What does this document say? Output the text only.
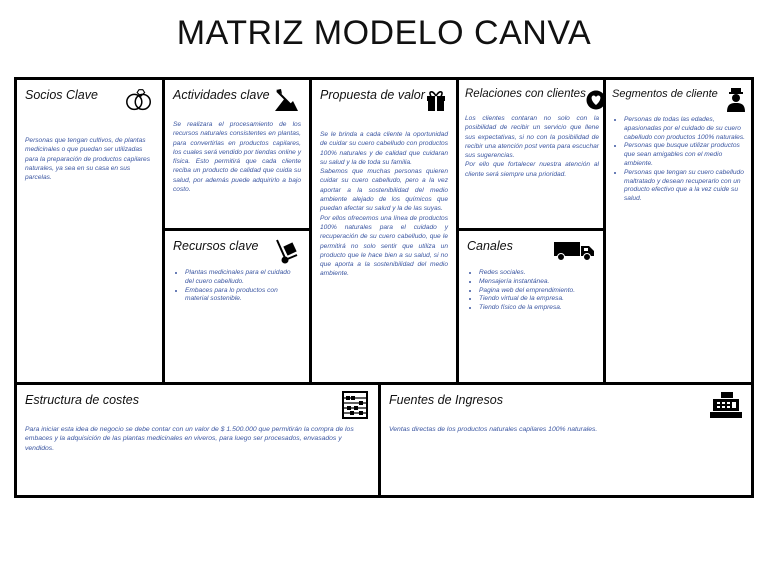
MATRIZ MODELO CANVA
Socios Clave
Personas que tengan cultivos, de plantas medicinales o que puedan ser utilizadas para la preparación de productos capilares naturales, ya sea en su casa en sus parcelas.
Actividades clave
Se realizara el procesamiento de los recursos naturales consistentes en plantas, para convertirlas en productos capilares, los cuales será vendido por tiendas online y física. Esto permitirá que cada cliente reciba un producto de calidad que cuida su salud, por además puede adquirirlo a bajo costo.
Recursos clave
• Plantas medicinales para el cuidado del cuero cabelludo.
• Embaces para lo productos con material sostenible.
Propuesta de valor

Se le brinda a cada cliente la oportunidad de cuidar su cuero cabelludo con productos 100% naturales y de calidad que cuidaran su salud y la de toda su familia.

Sabemos que muchas personas quieren cuidar su cuero cabelludo, pero a la vez aportar a la sostenibilidad del medio ambiente alejado de los químicos que puedan afectar su salud y la de las suyas.

Por ellos ofrecemos una línea de productos 100% naturales para el cuidado y recuperación de su cuero cabelludo, que le permitirá no solo sentir que utiliza un producto que le hace bien a su salud, si no que aporta a la sostenibilidad del medio ambiente.

Relaciones con clientes

Los clientes contaran no solo con la posibilidad de recibir un servicio que llene sus expectativas, si no con la posibilidad de recibir una atención post venta para escuchar sus sugerencias.

Por ello que fortalecer nuestra atención al cliente será siempre una prioridad.

Canales
• Redes sociales.
• Mensajería instantánea.
• Pagina web del emprendimiento.
• Tiendo virtual de la empresa.
• Tiendo físico de la empresa.
Segmentos de cliente
• Personas de todas las edades, apasionadas por el cuidado de su cuero cabelludo con productos 100% naturales.
• Personas que busque utilizar productos que sean amigables con el medio ambiente.
• Personas que tengan su cuero cabelludo maltratado y desean recuperarlo con un producto efectivo que a la vez cuide su salud.
Estructura de costes
Para iniciar esta idea de negocio se debe contar con un valor de $ 1.500.000 que permitirán la compra de los embaces y la adquisición de las plantas medicinales en viveros, para luego ser procesados, envasados y vendidos.
Fuentes de Ingresos
Ventas directas de los productos naturales capilares 100% naturales.
